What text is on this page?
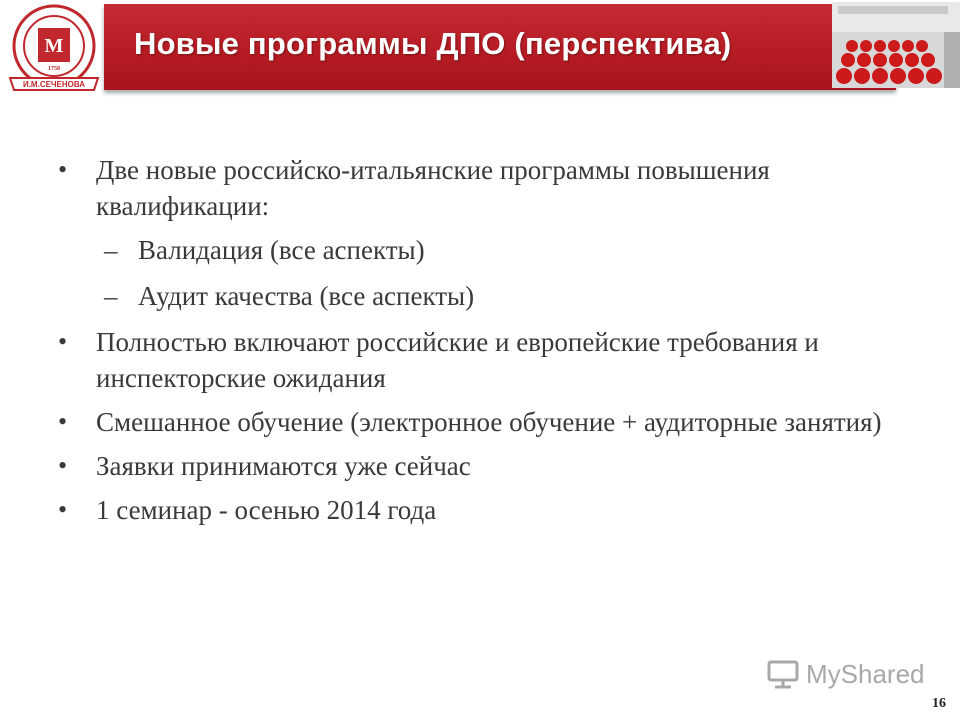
М
1758
И.М.СЕЧЕНОВА
Новые программы ДПО (перспектива)
• Две новые российско-итальянские программы повышения квалификации:
– Валидация (все аспекты)
– Аудит качества (все аспекты)
• Полностью включают российские и европейские требования и инспекторские ожидания
• Смешанное обучение (электронное обучение + аудиторные занятия)
• Заявки принимаются уже сейчас
• 1 семинар - осенью 2014 года
MyShared
16
